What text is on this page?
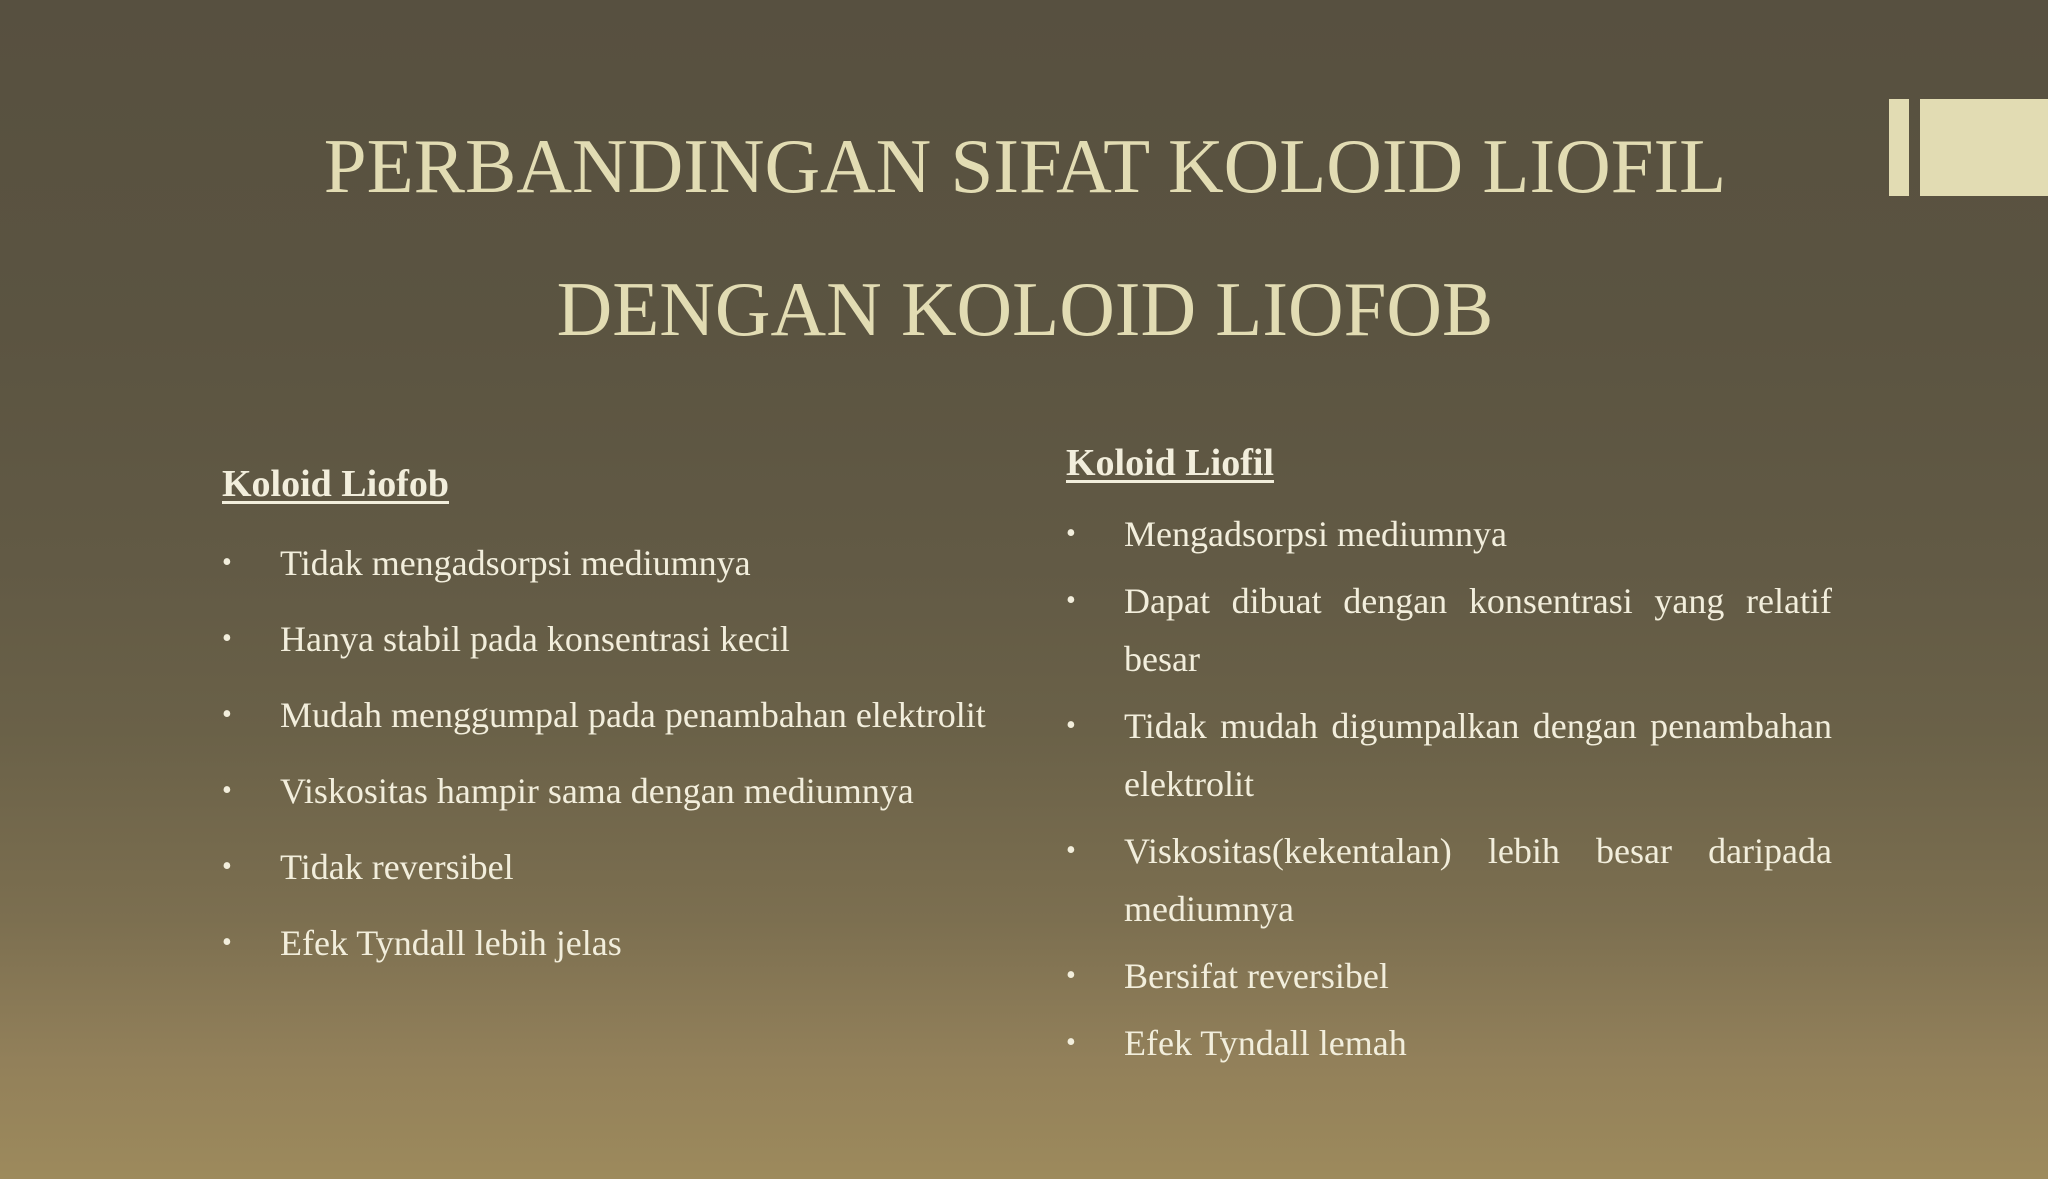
PERBANDINGAN SIFAT KOLOID LIOFIL
DENGAN KOLOID LIOFOB

Koloid Liofob

• Tidak mengadsorpsi mediumnya
• Hanya stabil pada konsentrasi kecil
• Mudah menggumpal pada penambahan elektrolit
• Viskositas hampir sama dengan mediumnya
• Tidak reversibel
• Efek Tyndall lebih jelas

Koloid Liofil

• Mengadsorpsi mediumnya
• Dapat dibuat dengan konsentrasi yang relatif besar
• Tidak mudah digumpalkan dengan penambahan elektrolit
• Viskositas(kekentalan) lebih besar daripada mediumnya
• Bersifat reversibel
• Efek Tyndall lemah
